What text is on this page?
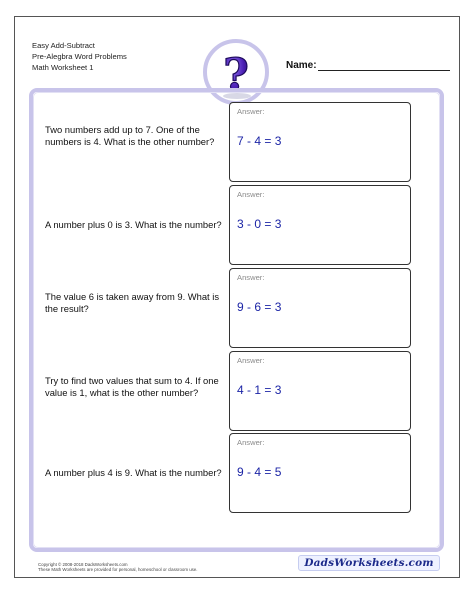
Easy Add-Subtract
Pre-Alegbra Word Problems
Math Worksheet 1	?	Name:
Two numbers add up to 7. One of the numbers is 4. What is the other number?
Answer:
7 - 4 = 3
A number plus 0 is 3. What is the number?
Answer:
3 - 0 = 3
The value 6 is taken away from 9. What is the result?
Answer:
9 - 6 = 3
Try to find two values that sum to 4. If one value is 1, what is the other number?
Answer:
4 - 1 = 3
A number plus 4 is 9. What is the number?
Answer:
9 - 4 = 5
Copyright © 2008-2018 DadsWorksheets.com
These Math Worksheets are provided for personal, homeschool or classroom use.
DadsWorksheets.com
